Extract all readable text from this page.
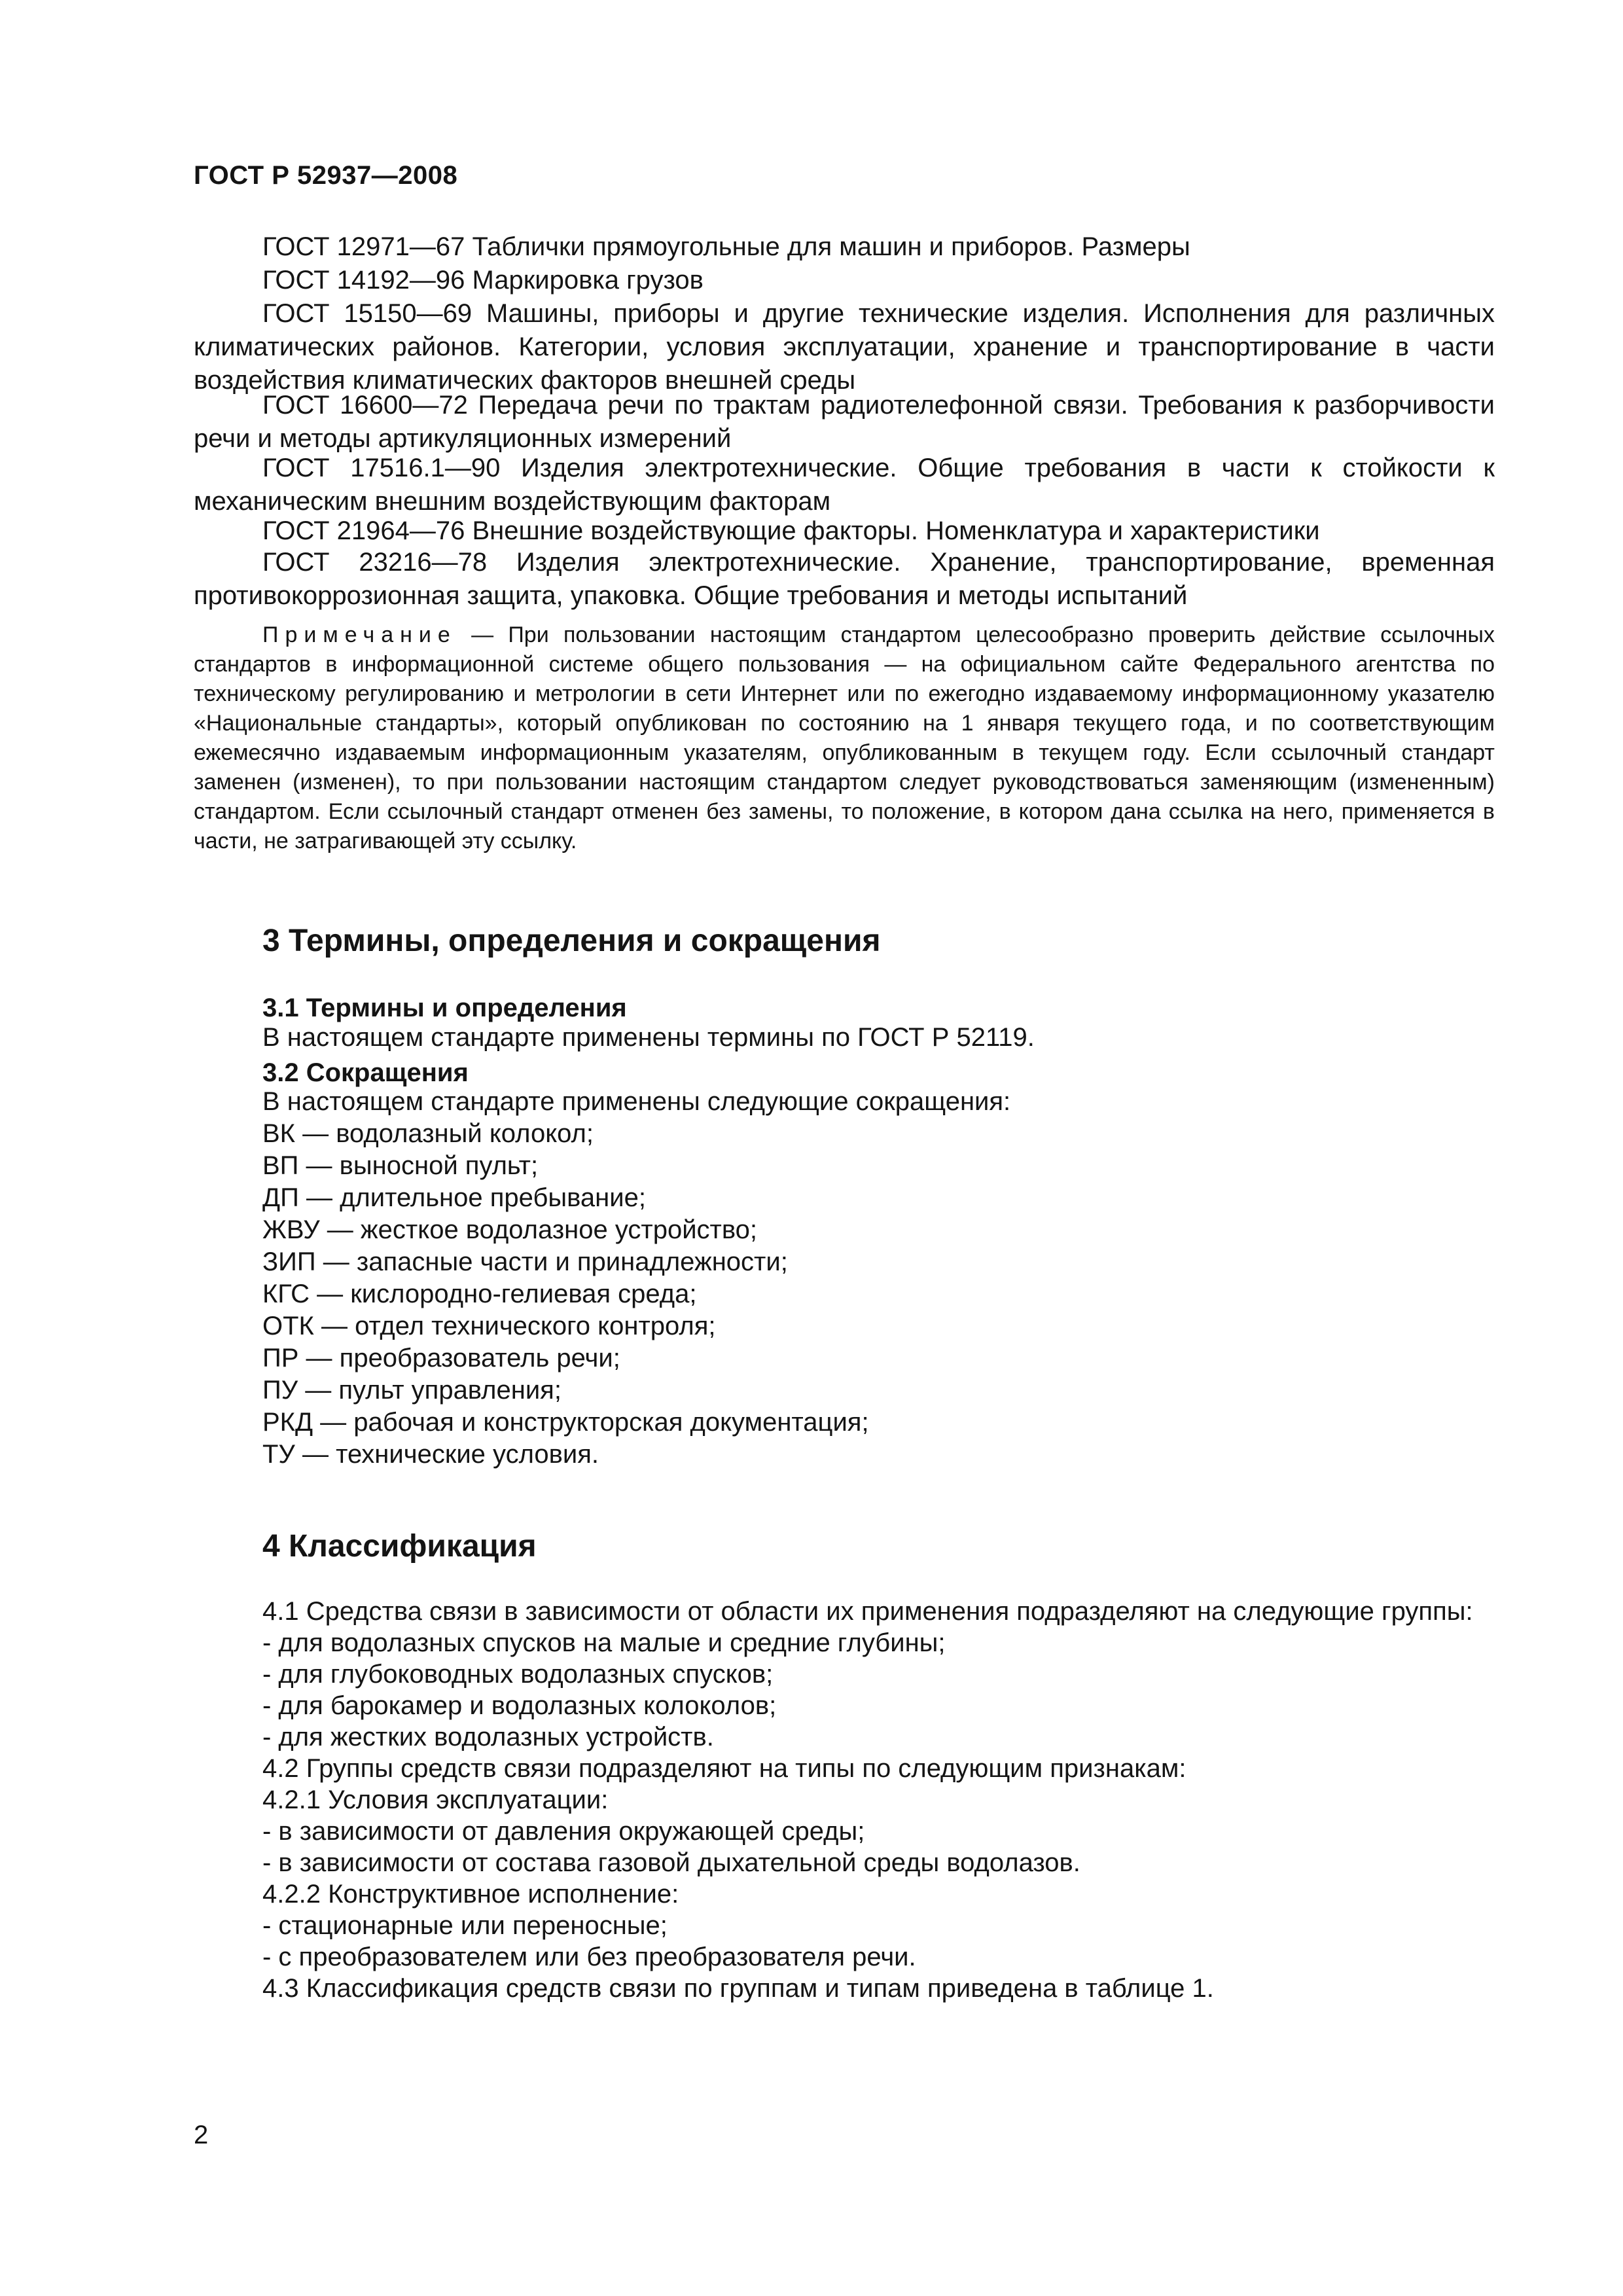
ГОСТ Р 52937—2008
ГОСТ 12971—67 Таблички прямоугольные для машин и приборов. Размеры
ГОСТ 14192—96 Маркировка грузов
ГОСТ 15150—69 Машины, приборы и другие технические изделия. Исполнения для различных климатических районов. Категории, условия эксплуатации, хранение и транспортирование в части воздействия климатических факторов внешней среды
ГОСТ 16600—72 Передача речи по трактам радиотелефонной связи. Требования к разборчивости речи и методы артикуляционных измерений
ГОСТ 17516.1—90 Изделия электротехнические. Общие требования в части к стойкости к механическим внешним воздействующим факторам
ГОСТ 21964—76 Внешние воздействующие факторы. Номенклатура и характеристики
ГОСТ 23216—78 Изделия электротехнические. Хранение, транспортирование, временная противокоррозионная защита, упаковка. Общие требования и методы испытаний
Примечание — При пользовании настоящим стандартом целесообразно проверить действие ссылочных стандартов в информационной системе общего пользования — на официальном сайте Федерального агентства по техническому регулированию и метрологии в сети Интернет или по ежегодно издаваемому информационному указателю «Национальные стандарты», который опубликован по состоянию на 1 января текущего года, и по соответствующим ежемесячно издаваемым информационным указателям, опубликованным в текущем году. Если ссылочный стандарт заменен (изменен), то при пользовании настоящим стандартом следует руководствоваться заменяющим (измененным) стандартом. Если ссылочный стандарт отменен без замены, то положение, в котором дана ссылка на него, применяется в части, не затрагивающей эту ссылку.
3 Термины, определения и сокращения
3.1 Термины и определения
В настоящем стандарте применены термины по ГОСТ Р 52119.
3.2 Сокращения
В настоящем стандарте применены следующие сокращения:
ВК — водолазный колокол;
ВП — выносной пульт;
ДП — длительное пребывание;
ЖВУ — жесткое водолазное устройство;
ЗИП — запасные части и принадлежности;
КГС — кислородно-гелиевая среда;
ОТК — отдел технического контроля;
ПР — преобразователь речи;
ПУ — пульт управления;
РКД — рабочая и конструкторская документация;
ТУ — технические условия.
4 Классификация
4.1 Средства связи в зависимости от области их применения подразделяют на следующие группы:
- для водолазных спусков на малые и средние глубины;
- для глубоководных водолазных спусков;
- для барокамер и водолазных колоколов;
- для жестких водолазных устройств.
4.2 Группы средств связи подразделяют на типы по следующим признакам:
4.2.1 Условия эксплуатации:
- в зависимости от давления окружающей среды;
- в зависимости от состава газовой дыхательной среды водолазов.
4.2.2 Конструктивное исполнение:
- стационарные или переносные;
- с преобразователем или без преобразователя речи.
4.3 Классификация средств связи по группам и типам приведена в таблице 1.
2
